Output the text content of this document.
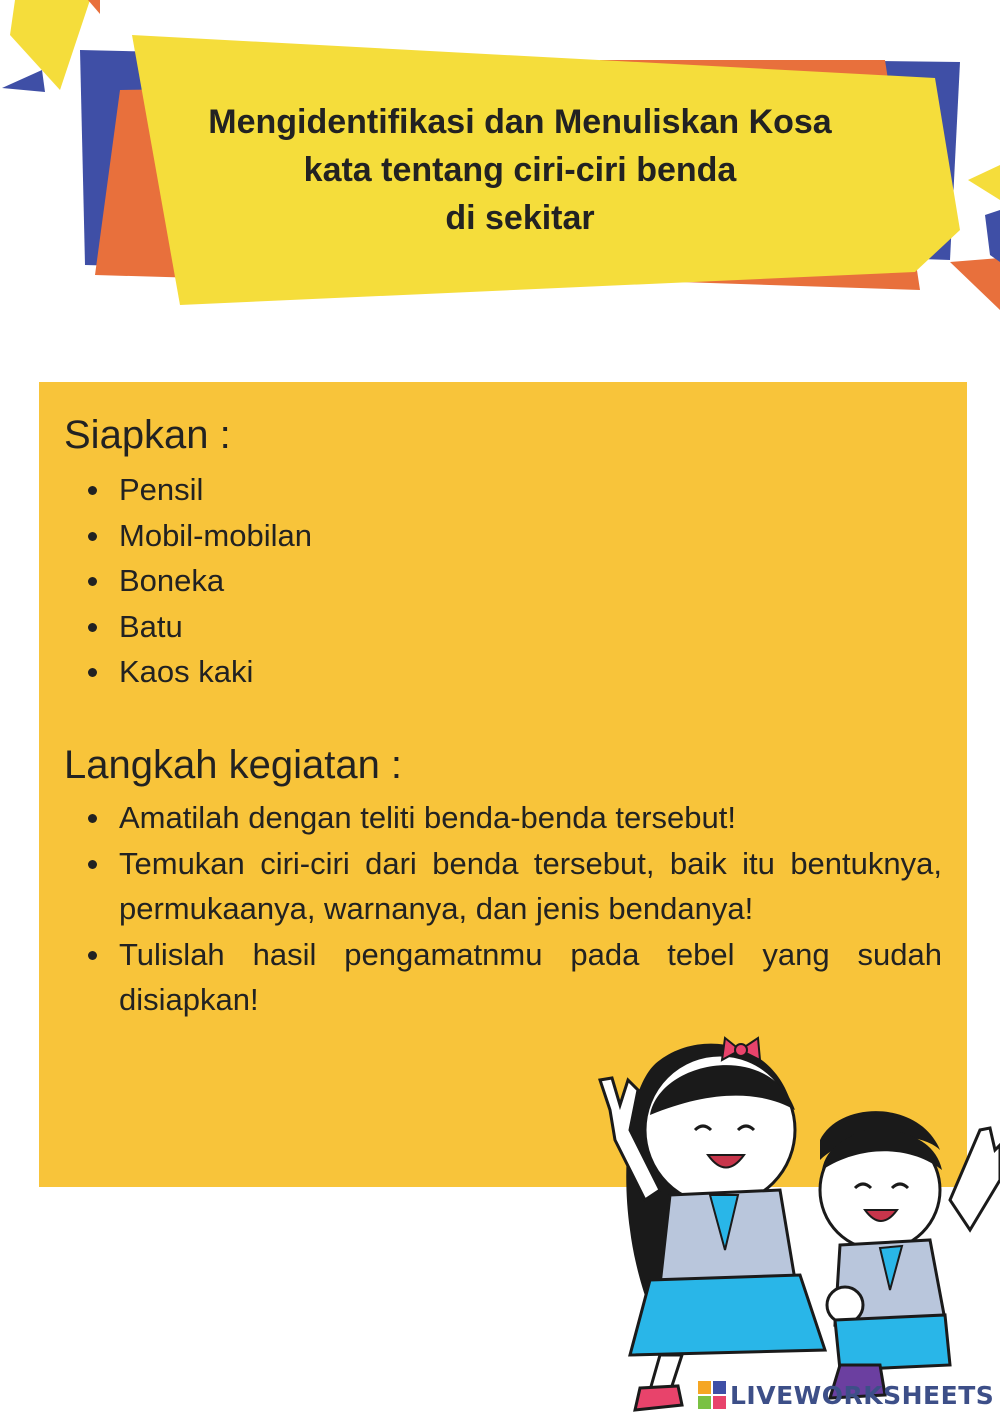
Mengidentifikasi dan Menuliskan Kosa
kata tentang ciri-ciri benda
di sekitar
Siapkan :
Pensil
Mobil-mobilan
Boneka
Batu
Kaos kaki
Langkah kegiatan :
Amatilah dengan teliti benda-benda tersebut!
Temukan ciri-ciri dari benda tersebut, baik itu bentuknya, permukaanya, warnanya, dan jenis bendanya!
Tulislah hasil pengamatnmu pada tebel yang sudah disiapkan!
LIVEWORKSHEETS
